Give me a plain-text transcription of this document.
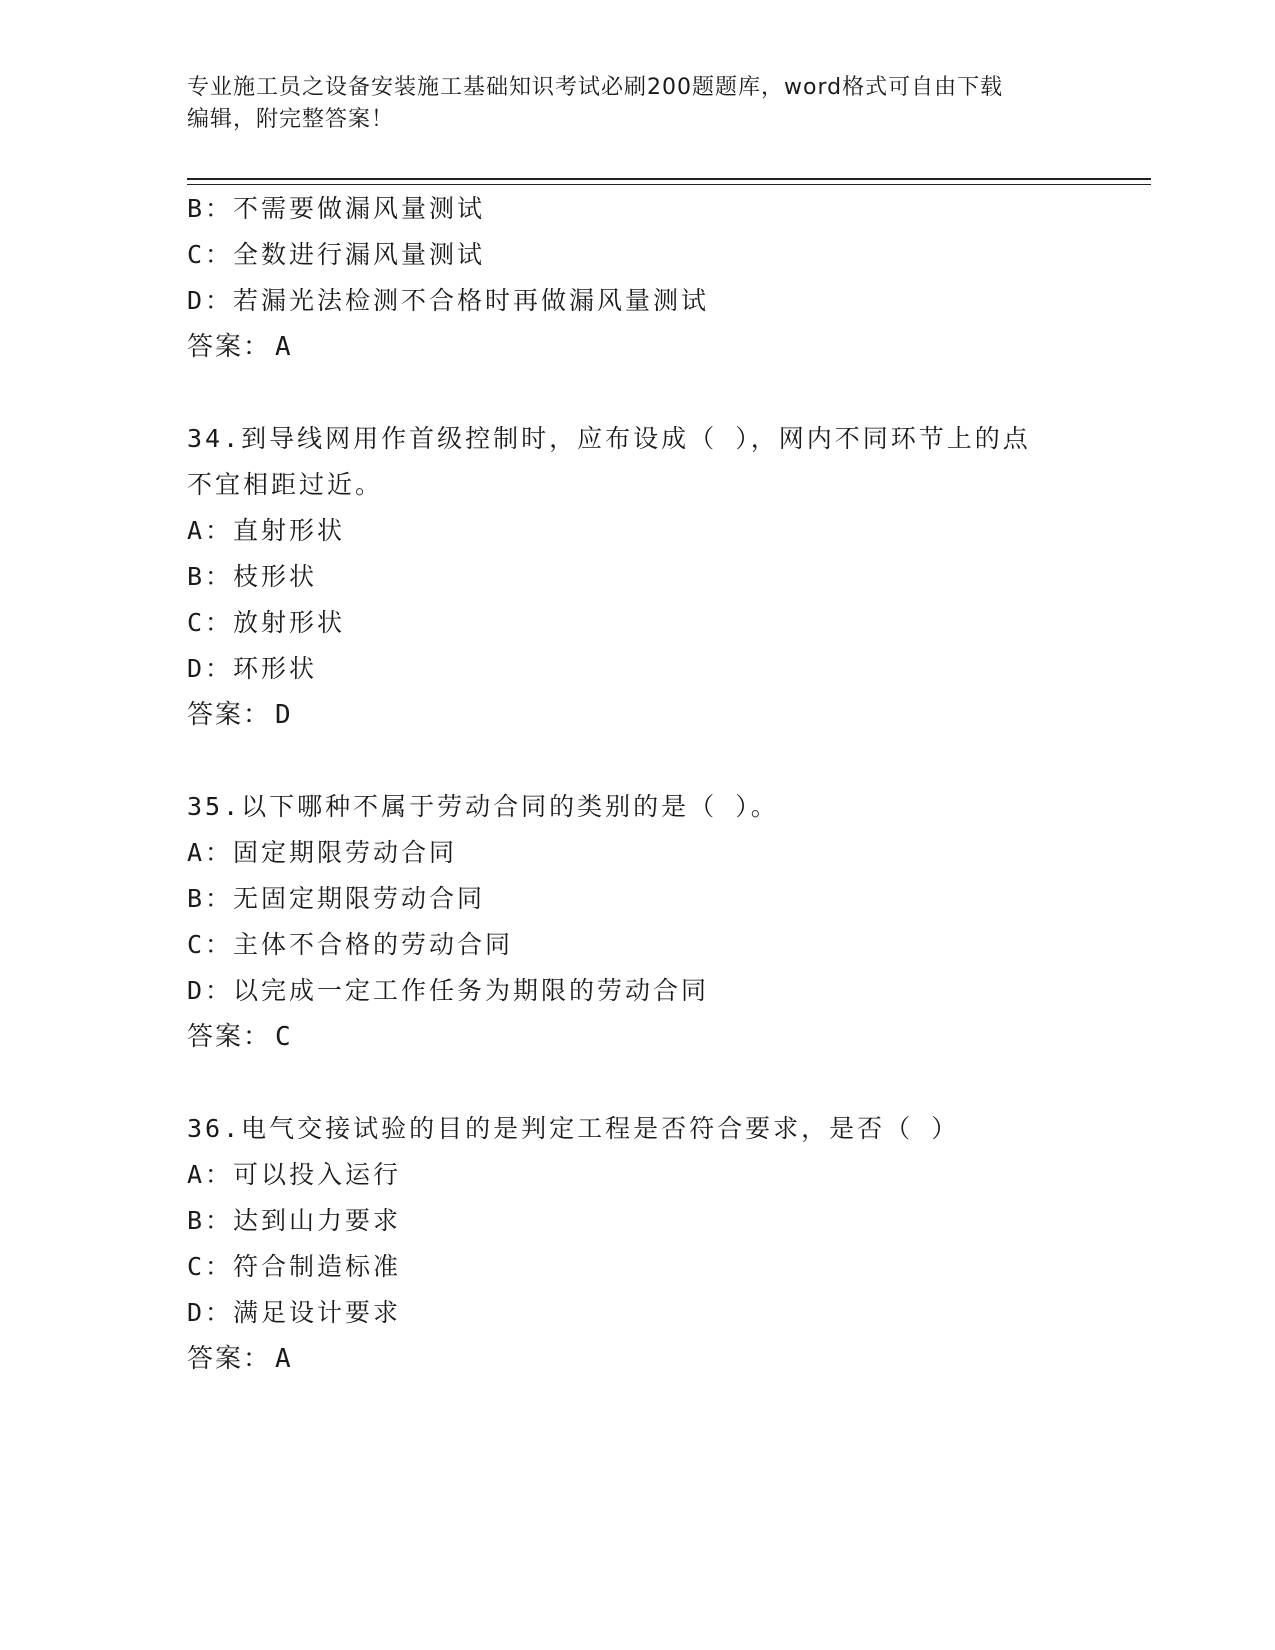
专业施工员之设备安装施工基础知识考试必刷200题题库，word格式可自由下载
编辑，附完整答案！
B：不需要做漏风量测试
C：全数进行漏风量测试
D：若漏光法检测不合格时再做漏风量测试
答案： A
34.到导线网用作首级控制时，应布设成（ ），网内不同环节上的点
不宜相距过近。
A：直射形状
B：枝形状
C：放射形状
D：环形状
答案： D
35.以下哪种不属于劳动合同的类别的是（ ）。
A：固定期限劳动合同
B：无固定期限劳动合同
C：主体不合格的劳动合同
D：以完成一定工作任务为期限的劳动合同
答案： C
36.电气交接试验的目的是判定工程是否符合要求，是否（ ）
A：可以投入运行
B：达到山力要求
C：符合制造标准
D：满足设计要求
答案： A
